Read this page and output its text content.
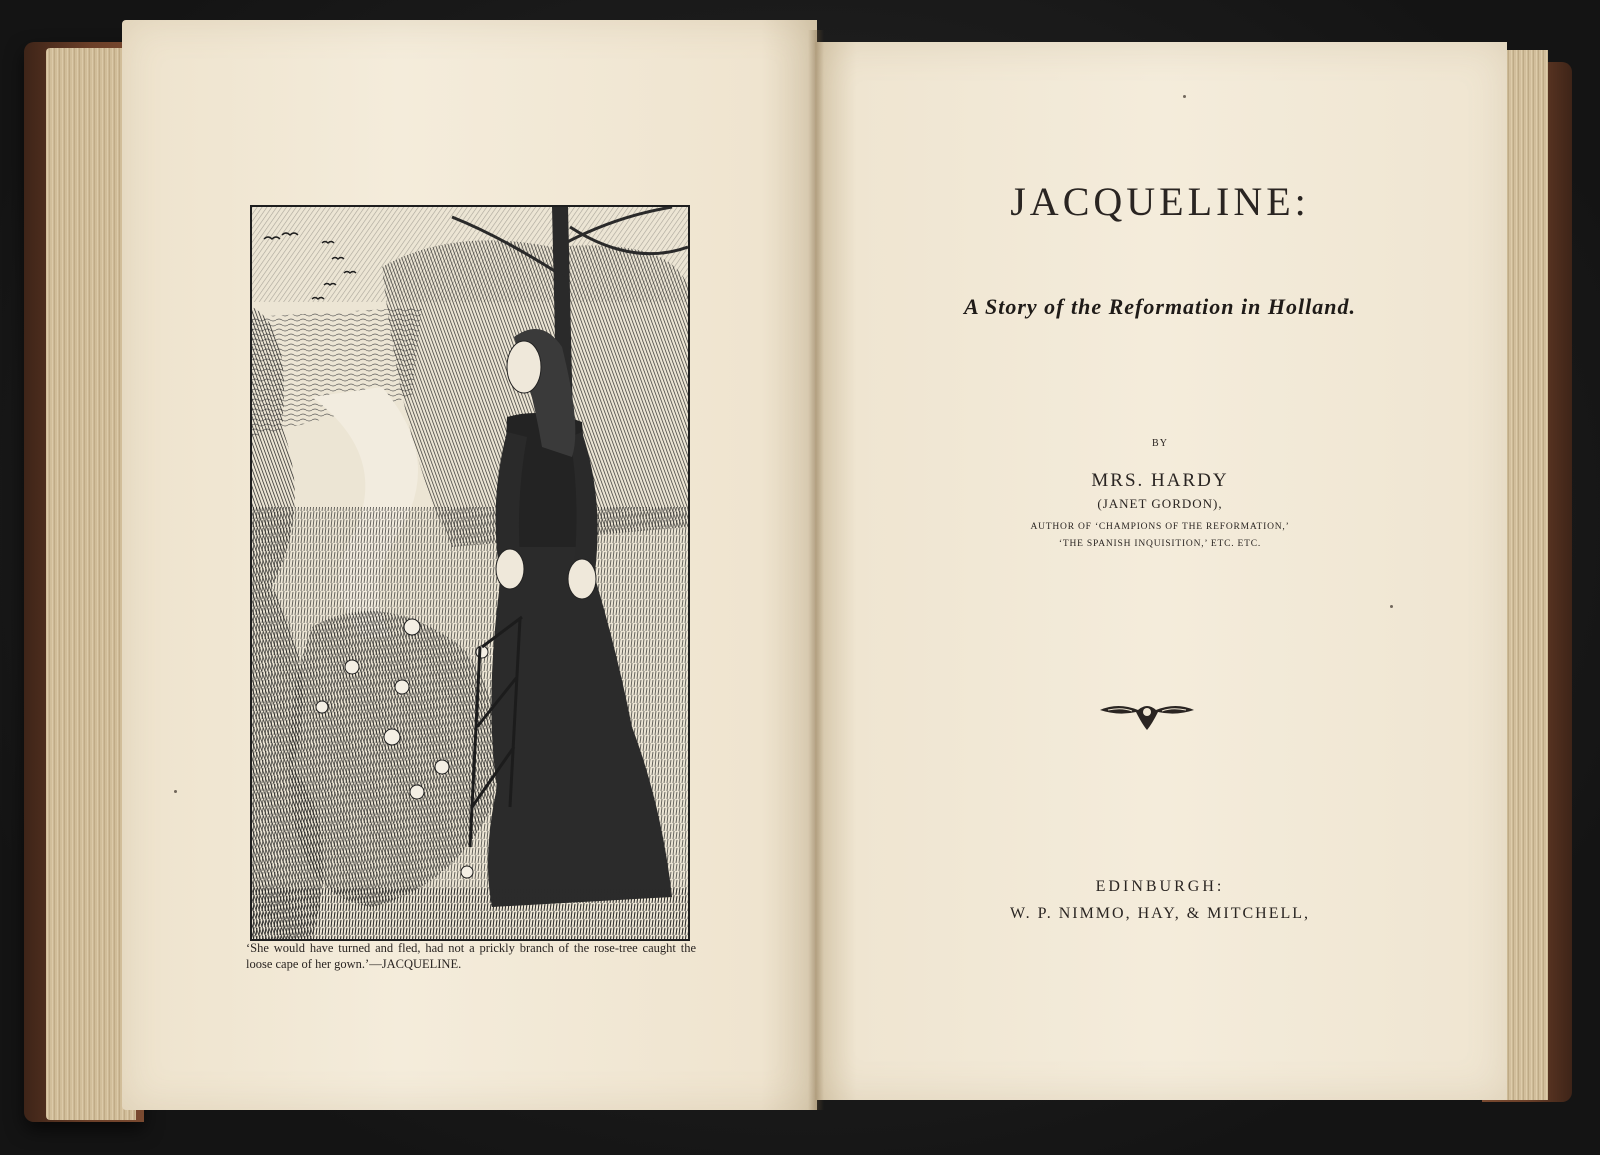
‘She would have turned and fled, had not a prickly branch of the rose-tree caught the loose cape of her gown.’—JACQUELINE.
JACQUELINE:
A Story of the Reformation in Holland.
BY
MRS. HARDY
(JANET GORDON),
AUTHOR OF ‘CHAMPIONS OF THE REFORMATION,’
‘THE SPANISH INQUISITION,’ ETC. ETC.
EDINBURGH:
W. P. NIMMO, HAY, & MITCHELL,
